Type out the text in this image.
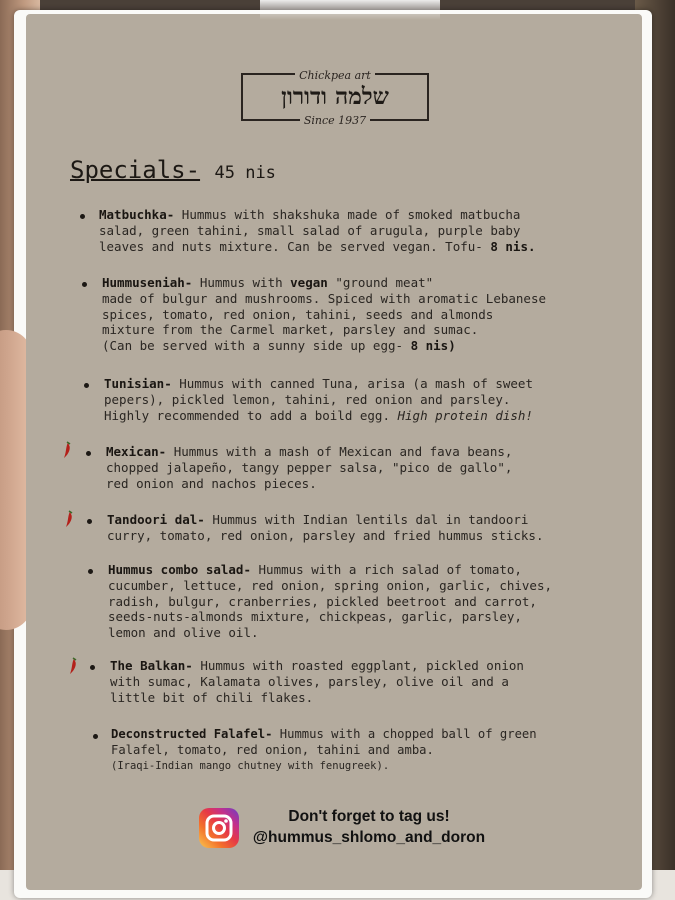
Chickpea art
שלמה ודורון
Since 1937
Specials- 45 nis
Matbuchka- Hummus with shakshuka made of smoked matbucha
salad, green tahini, small salad of arugula, purple baby
leaves and nuts mixture. Can be served vegan. Tofu- 8 nis.
Hummuseniah- Hummus with vegan "ground meat"
made of bulgur and mushrooms. Spiced with aromatic Lebanese
spices, tomato, red onion, tahini, seeds and almonds
mixture from the Carmel market, parsley and sumac.
(Can be served with a sunny side up egg- 8 nis)
Tunisian- Hummus with canned Tuna, arisa (a mash of sweet
pepers), pickled lemon, tahini, red onion and parsley.
Highly recommended to add a boild egg. High protein dish!
Mexican- Hummus with a mash of Mexican and fava beans,
chopped jalapeño, tangy pepper salsa, "pico de gallo",
red onion and nachos pieces.
Tandoori dal- Hummus with Indian lentils dal in tandoori
curry, tomato, red onion, parsley and fried hummus sticks.
Hummus combo salad- Hummus with a rich salad of tomato,
cucumber, lettuce, red onion, spring onion, garlic, chives,
radish, bulgur, cranberries, pickled beetroot and carrot,
seeds-nuts-almonds mixture, chickpeas, garlic, parsley,
lemon and olive oil.
The Balkan- Hummus with roasted eggplant, pickled onion
with sumac, Kalamata olives, parsley, olive oil and a
little bit of chili flakes.
Deconstructed Falafel- Hummus with a chopped ball of green
Falafel, tomato, red onion, tahini and amba.
(Iraqi-Indian mango chutney with fenugreek).
Don't forget to tag us!
@hummus_shlomo_and_doron
